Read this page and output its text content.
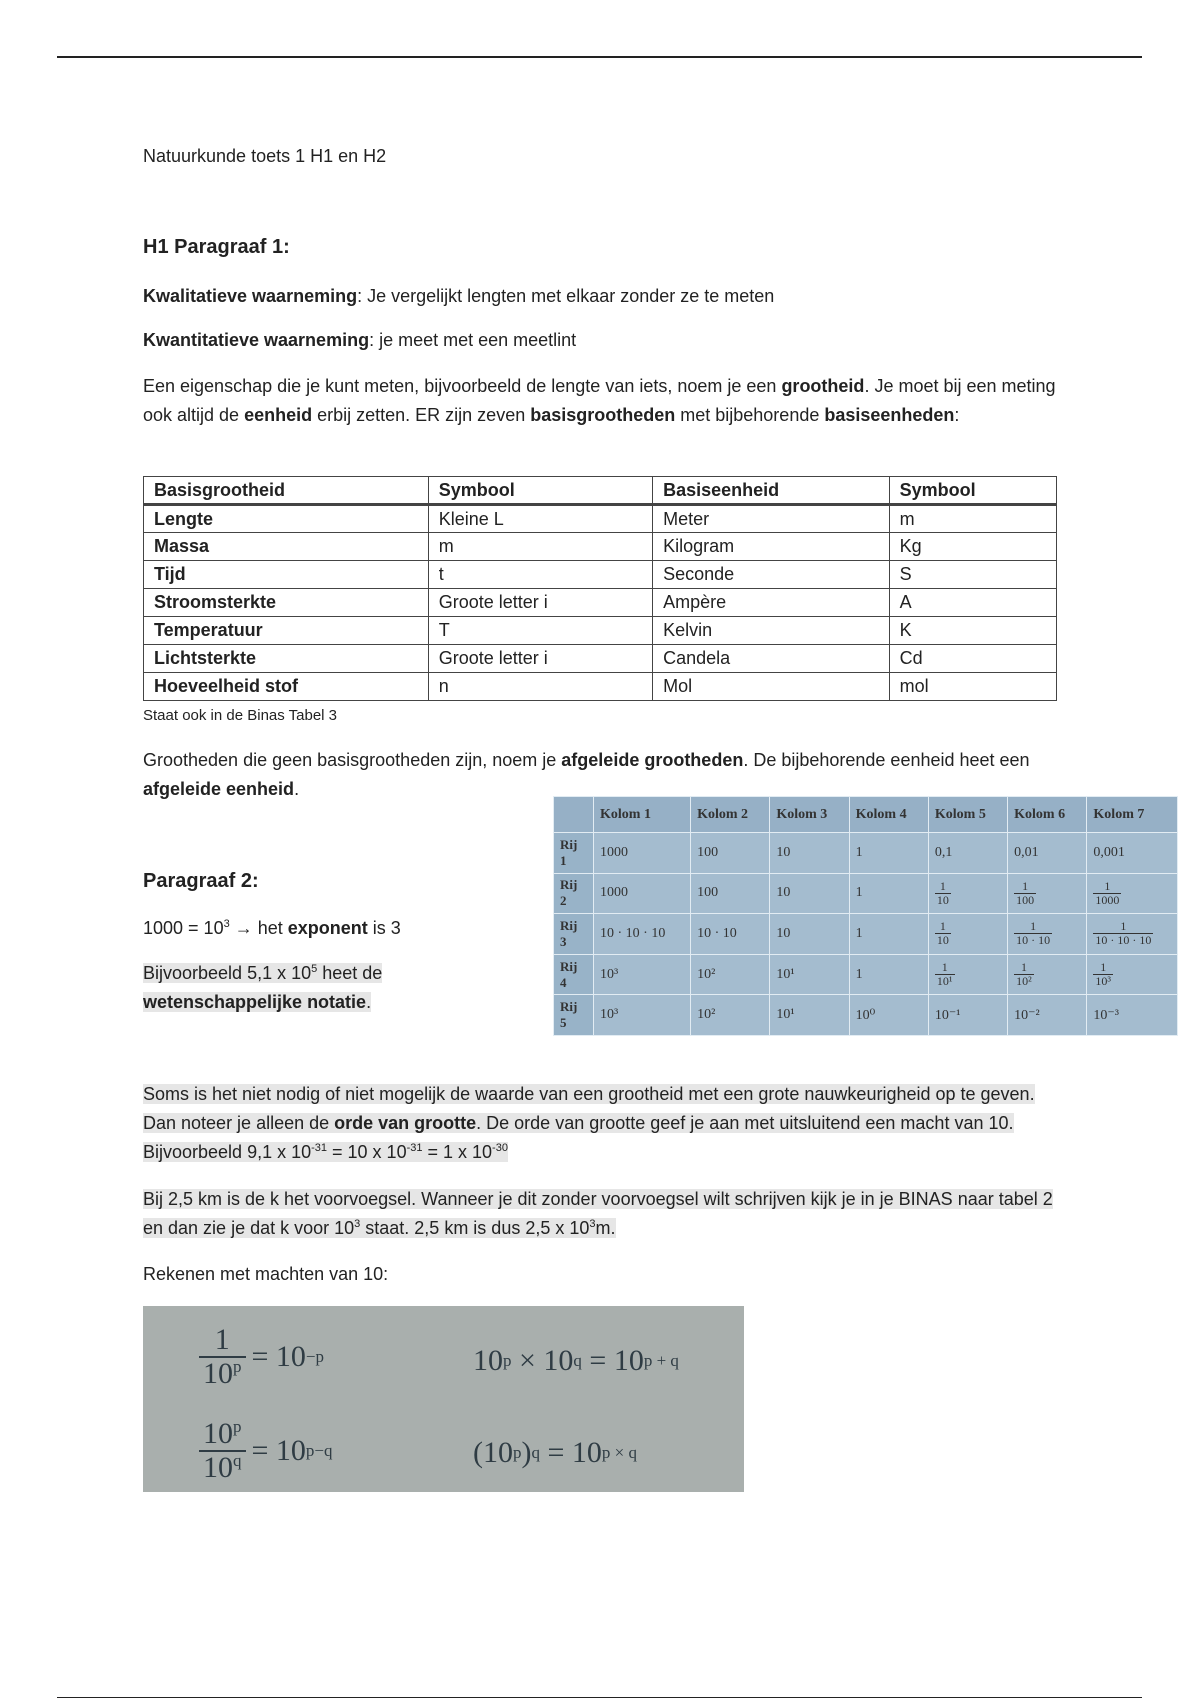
Natuurkunde toets 1 H1 en H2
H1 Paragraaf 1:
Kwalitatieve waarneming: Je vergelijkt lengten met elkaar zonder ze te meten
Kwantitatieve waarneming: je meet met een meetlint
Een eigenschap die je kunt meten, bijvoorbeeld de lengte van iets, noem je een grootheid. Je moet bij een meting ook altijd de eenheid erbij zetten. ER zijn zeven basisgrootheden met bijbehorende basiseenheden:
Basisgrootheid	Symbool	Basiseenheid	Symbool
Lengte	Kleine L	Meter	m
Massa	m	Kilogram	Kg
Tijd	t	Seconde	S
Stroomsterkte	Groote letter i	Ampère	A
Temperatuur	T	Kelvin	K
Lichtsterkte	Groote letter i	Candela	Cd
Hoeveelheid stof	n	Mol	mol
Staat ook in de Binas Tabel 3
Grootheden die geen basisgrootheden zijn, noem je afgeleide grootheden. De bijbehorende eenheid heet een afgeleide eenheid.
	Kolom 1	Kolom 2	Kolom 3	Kolom 4	Kolom 5	Kolom 6	Kolom 7
Rij 1	1000	100	10	1	0,1	0,01	0,001
Rij 2	1000	100	10	1	$\frac{1}{10}$	$\frac{1}{100}$	$\frac{1}{1000}$

Rij 3	10 · 10 · 10	10 · 10	10	1	$\frac{1}{10}$	$\frac{1}{10 \cdot 10}$	$\frac{1}{10 \cdot 10 \cdot 10}$

Rij 4	10³	10²	10¹	1	$\frac{1}{\text{10¹}}$	$\frac{1}{\text{10²}}$	$\frac{1}{\text{10³}}$

Rij 5	10³	10²	10¹	10⁰	10⁻¹	10⁻²	10⁻³
Paragraaf 2:
$1000 = 10^3$ → het exponent is 3
Bijvoorbeeld 5,1 x $10^5$ heet de wetenschappelijke notatie.
Soms is het niet nodig of niet mogelijk de waarde van een grootheid met een grote nauwkeurigheid op te geven. Dan noteer je alleen de orde van grootte. De orde van grootte geef je aan met uitsluitend een macht van 10. Bijvoorbeeld 9,1 x $10^{-31} = 10$ x $10^{-31} = 1$ x $10^{-30}$
Bij 2,5 km is de k het voorvoegsel. Wanneer je dit zonder voorvoegsel wilt schrijven kijk je in je BINAS naar tabel 2 en dan zie je dat k voor $10^3$ staat. 2,5 km is dus 2,5 x $10^3m$.
Rekenen met machten van 10:
$\frac{1}{10^p} = 10 -p$	10 p × 10 q = 10 p + q
$\frac{10^p}{10^q} = 10$ p−q	(10 p ) q = 10 p × q
